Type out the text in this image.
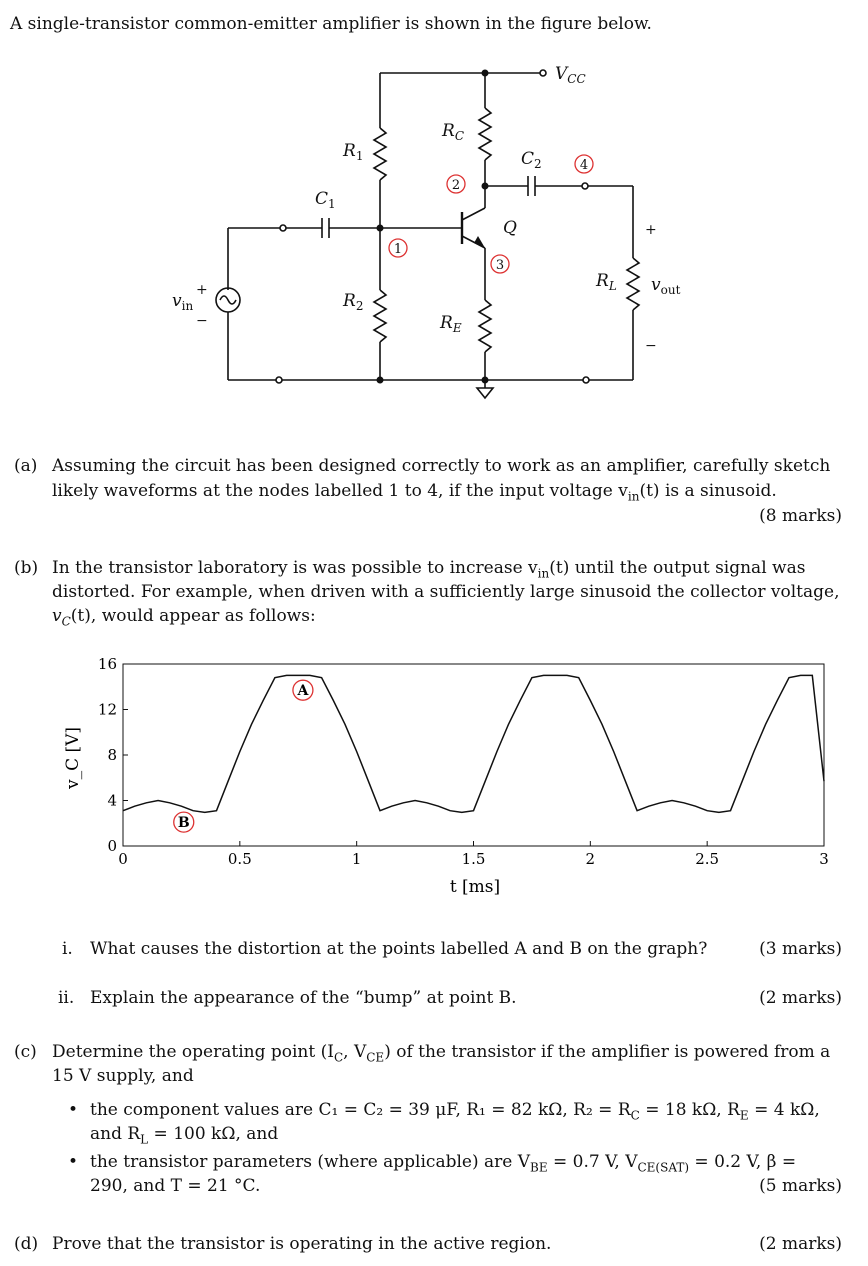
A single-transistor common-emitter amplifier is shown in the figure below.
1
2
3
4
$V_{CC}$
$R_1$
$R_C$
$C_1$
$C_2$
Q
$R_2$
$R_E$
$R_L$
$v_{in}$
$v_{out}$
+
−
+
−
(a) Assuming the circuit has been designed correctly to work as an amplifier, carefully sketch
likely waveforms at the nodes labelled 1 to 4, if the input voltage $v_{in}(t)$ is a sinusoid.
(8 marks)
(b) In the transistor laboratory is was possible to increase $v_{in}(t)$ until the output signal was
distorted. For example, when driven with a sufficiently large sinusoid the collector voltage,
$v_C(t)$, would appear as follows:
0	0.5	1	1.5	2	2.5	3
0
4
8
12
16
A
B
t [ms]
v_C [V]
i. What causes the distortion at the points labelled A and B on the graph?	(3 marks)
ii. Explain the appearance of the “bump” at point B.	(2 marks)
(c) Determine the operating point ($I_C$, $V_{CE}$) of the transistor if the amplifier is powered from a
15 V supply, and
• the component values are C₁ = C₂ = 39 μF, R₁ = 82 kΩ, $R_2 = R_C = 18$ kΩ, $R_E = 4$ kΩ,
and $R_L = 100$ kΩ, and
• the transistor parameters (where applicable) are $V_{BE} = 0.7$ V, $V_{CE(SAT)} = 0.2$ V, β =
290, and T = 21 °C.	(5 marks)
(d) Prove that the transistor is operating in the active region.	(2 marks)
